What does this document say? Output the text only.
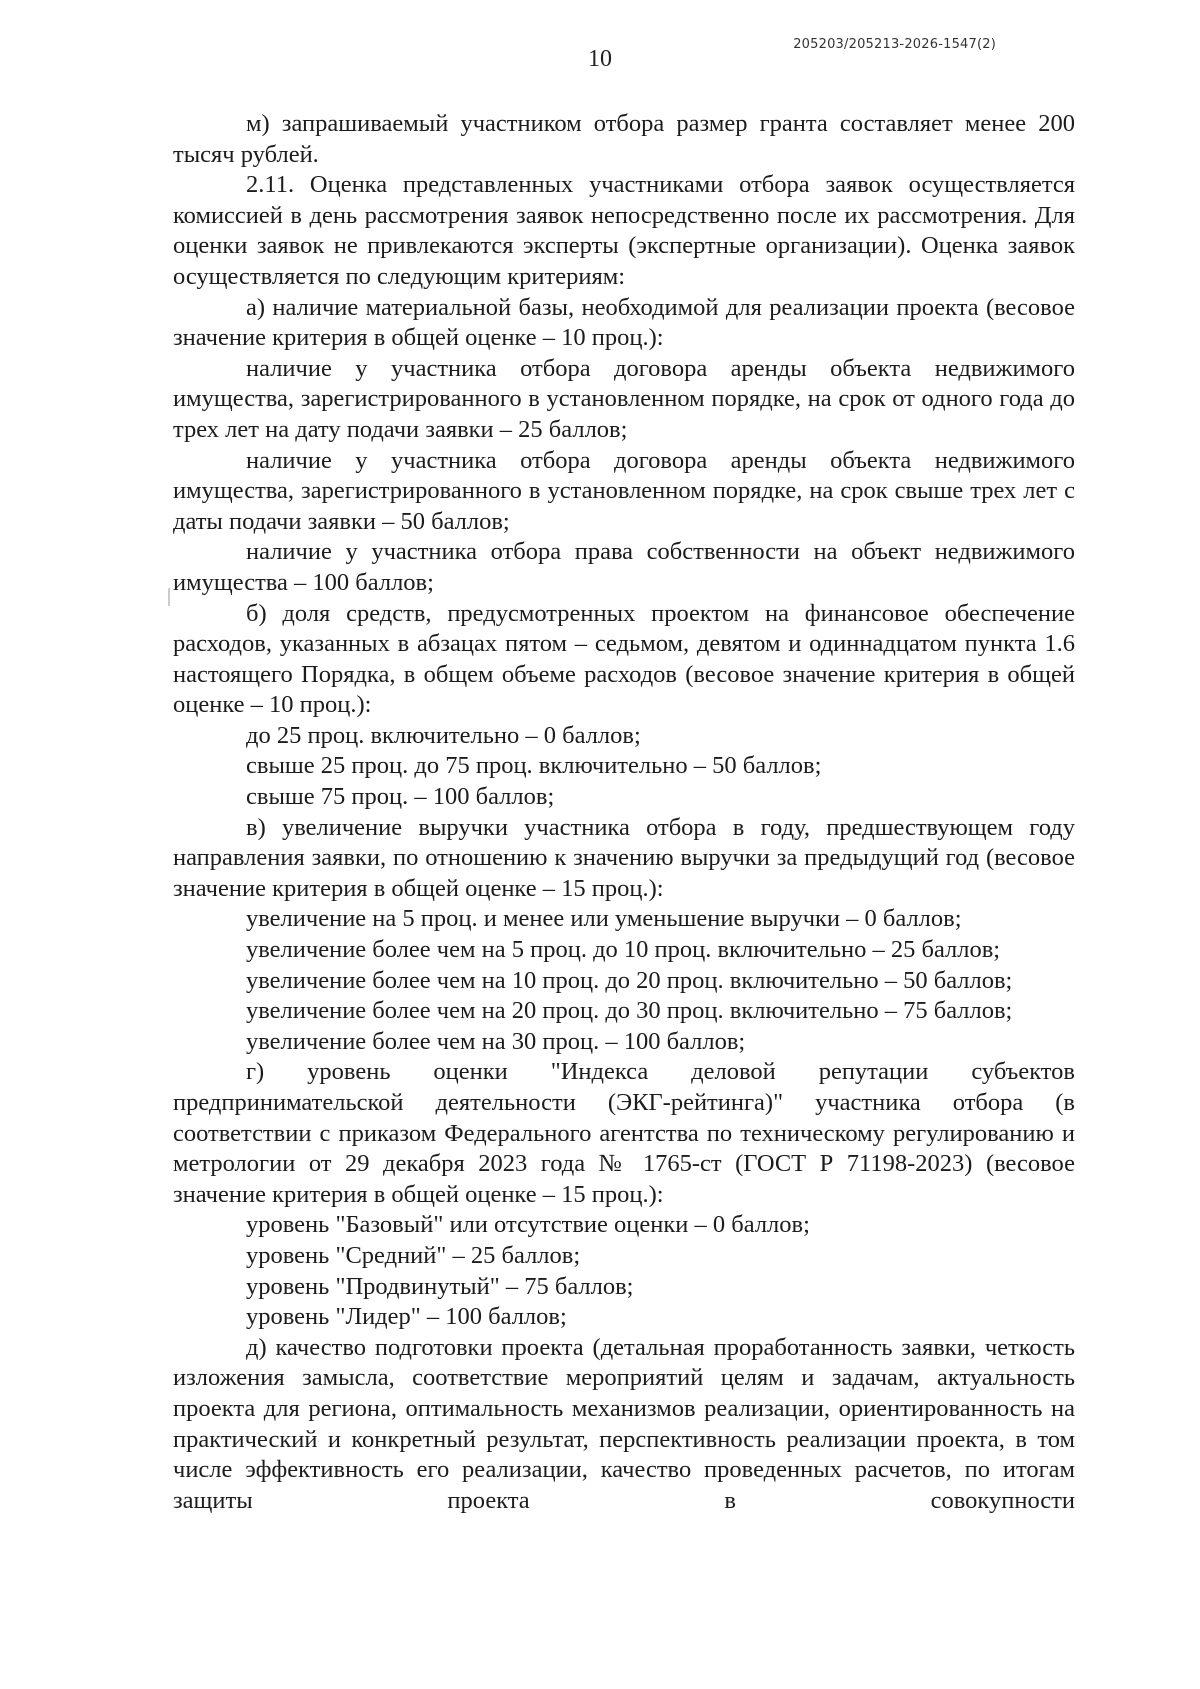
205203/205213-2026-1547(2)
10

м) запрашиваемый участником отбора размер гранта составляет менее 200 тысяч рублей.

2.11. Оценка представленных участниками отбора заявок осуществляется комиссией в день рассмотрения заявок непосредственно после их рассмотрения. Для оценки заявок не привлекаются эксперты (экспертные организации). Оценка заявок осуществляется по следующим критериям:

а) наличие материальной базы, необходимой для реализации проекта (весовое значение критерия в общей оценке – 10 проц.):

наличие у участника отбора договора аренды объекта недвижимого имущества, зарегистрированного в установленном порядке, на срок от одного года до трех лет на дату подачи заявки – 25 баллов;

наличие у участника отбора договора аренды объекта недвижимого имущества, зарегистрированного в установленном порядке, на срок свыше трех лет с даты подачи заявки – 50 баллов;

наличие у участника отбора права собственности на объект недвижимого имущества – 100 баллов;

б) доля средств, предусмотренных проектом на финансовое обеспечение расходов, указанных в абзацах пятом – седьмом, девятом и одиннадцатом пункта 1.6 настоящего Порядка, в общем объеме расходов (весовое значение критерия в общей оценке – 10 проц.):

до 25 проц. включительно – 0 баллов;

свыше 25 проц. до 75 проц. включительно – 50 баллов;

свыше 75 проц. – 100 баллов;

в) увеличение выручки участника отбора в году, предшествующем году направления заявки, по отношению к значению выручки за предыдущий год (весовое значение критерия в общей оценке – 15 проц.):

увеличение на 5 проц. и менее или уменьшение выручки – 0 баллов;

увеличение более чем на 5 проц. до 10 проц. включительно – 25 баллов;

увеличение более чем на 10 проц. до 20 проц. включительно – 50 баллов;

увеличение более чем на 20 проц. до 30 проц. включительно – 75 баллов;

увеличение более чем на 30 проц. – 100 баллов;

г) уровень оценки "Индекса деловой репутации субъектов предпринимательской деятельности (ЭКГ-рейтинга)" участника отбора (в соответствии с приказом Федерального агентства по техническому регулированию и метрологии от 29 декабря 2023 года № 1765-ст (ГОСТ Р 71198-2023) (весовое значение критерия в общей оценке – 15 проц.):

уровень "Базовый" или отсутствие оценки – 0 баллов;

уровень "Средний" – 25 баллов;

уровень "Продвинутый" – 75 баллов;

уровень "Лидер" – 100 баллов;

д) качество подготовки проекта (детальная проработанность заявки, четкость изложения замысла, соответствие мероприятий целям и задачам, актуальность проекта для региона, оптимальность механизмов реализации, ориентированность на практический и конкретный результат, перспективность реализации проекта, в том числе эффективность его реализации, качество проведенных расчетов, по итогам защиты проекта в совокупности
